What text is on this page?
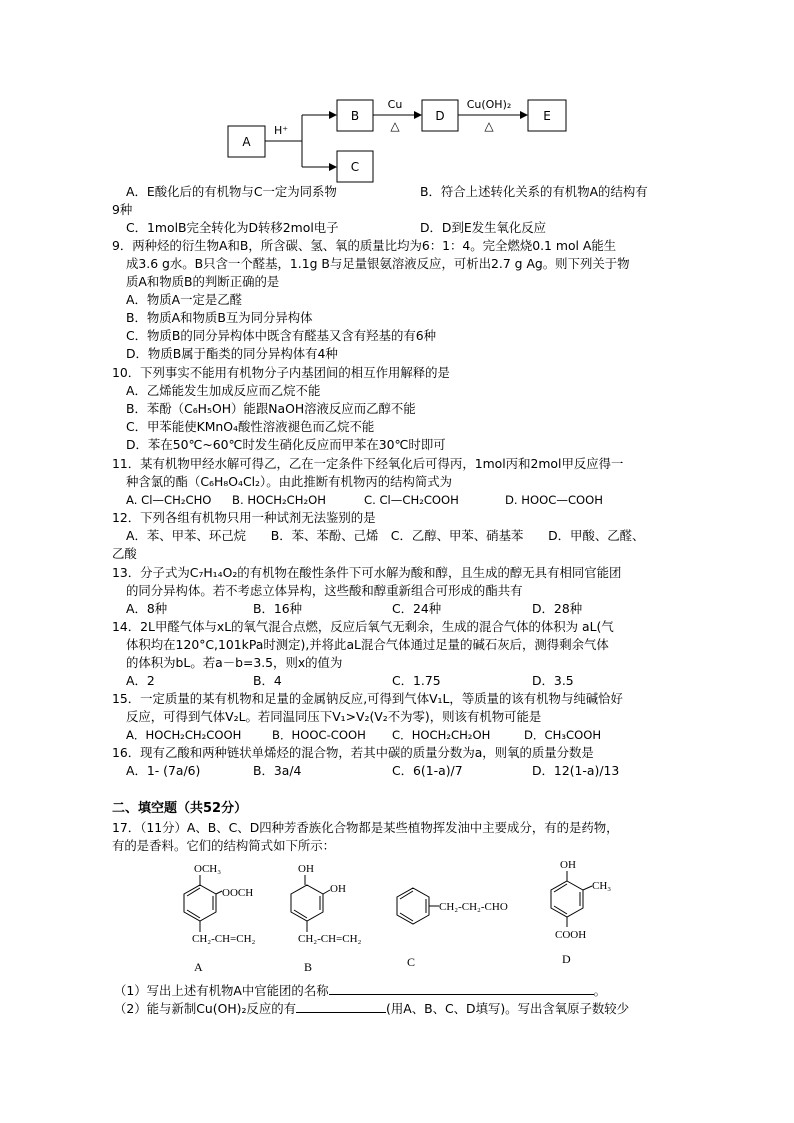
A
B
C
D	E
H⁺
Cu
△
Cu(OH)₂
△
A．E酸化后的有机物与C一定为同系物	B．符合上述转化关系的有机物A的结构有
9种
C．1molB完全转化为D转移2mol电子	D．D到E发生氧化反应
9．两种烃的衍生物A和B，所含碳、氢、氧的质量比均为6：1：4。完全燃烧0.1 mol A能生
成3.6 g水。B只含一个醛基，1.1g B与足量银氨溶液反应，可析出2.7 g Ag。则下列关于物
质A和物质B的判断正确的是
A．物质A一定是乙醛
B．物质A和物质B互为同分异构体
C．物质B的同分异构体中既含有醛基又含有羟基的有6种
D．物质B属于酯类的同分异构体有4种
10．下列事实不能用有机物分子内基团间的相互作用解释的是
A．乙烯能发生加成反应而乙烷不能
B．苯酚（C₆H₅OH）能跟NaOH溶液反应而乙醇不能
C．甲苯能使KMnO₄酸性溶液褪色而乙烷不能
D．苯在50℃~60℃时发生硝化反应而甲苯在30℃时即可
11．某有机物甲经水解可得乙，乙在一定条件下经氧化后可得丙，1mol丙和2mol甲反应得一
种含氯的酯（C₆H₈O₄Cl₂）。由此推断有机物丙的结构简式为
A. Cl—CH₂CHO B. HOCH₂CH₂OH	C. Cl—CH₂COOH	D. HOOC—COOH
12．下列各组有机物只用一种试剂无法鉴别的是
A．苯、甲苯、环己烷　　B．苯、苯酚、己烯　C．乙醇、甲苯、硝基苯　　D．甲酸、乙醛、
乙酸
13．分子式为C₇H₁₄O₂的有机物在酸性条件下可水解为酸和醇，且生成的醇无具有相同官能团
的同分异构体。若不考虑立体异构，这些酸和醇重新组合可形成的酯共有
A．8种	B．16种	C．24种	D．28种
14．2L甲醛气体与xL的氧气混合点燃，反应后氧气无剩余，生成的混合气体的体积为 aL(气
体积均在120°C,101kPa时测定),并将此aL混合气体通过足量的碱石灰后，测得剩余气体
的体积为bL。若a－b=3.5，则x的值为
A．2	B．4	C．1.75	D．3.5
15．一定质量的某有机物和足量的金属钠反应,可得到气体V₁L，等质量的该有机物与纯碱恰好
反应，可得到气体V₂L。若同温同压下V₁>V₂(V₂不为零)，则该有机物可能是
A．HOCH₂CH₂COOH	B．HOOC-COOH C．HOCH₂CH₂OH	D．CH₃COOH
16．现有乙酸和两种链状单烯烃的混合物，若其中碳的质量分数为a，则氧的质量分数是
A．1- (7a/6)	B．3a/4	C．6(1-a)/7	D．12(1-a)/13
二、填空题（共52分）
17．（11分）A、B、C、D四种芳香族化合物都是某些植物挥发油中主要成分，有的是药物，
有的是香料。它们的结构简式如下所示：
OCH₃
OOCH
CH₂-CH=CH₂
A
OH
OH
CH₂-CH=CH₂
B
CH₂-CH₂-CHO
C
OH
CH₃
COOH
D
（1）写出上述有机物A中官能团的名称	。
（2）能与新制Cu(OH)₂反应的有	(用A、B、C、D填写)。写出含氧原子数较少
